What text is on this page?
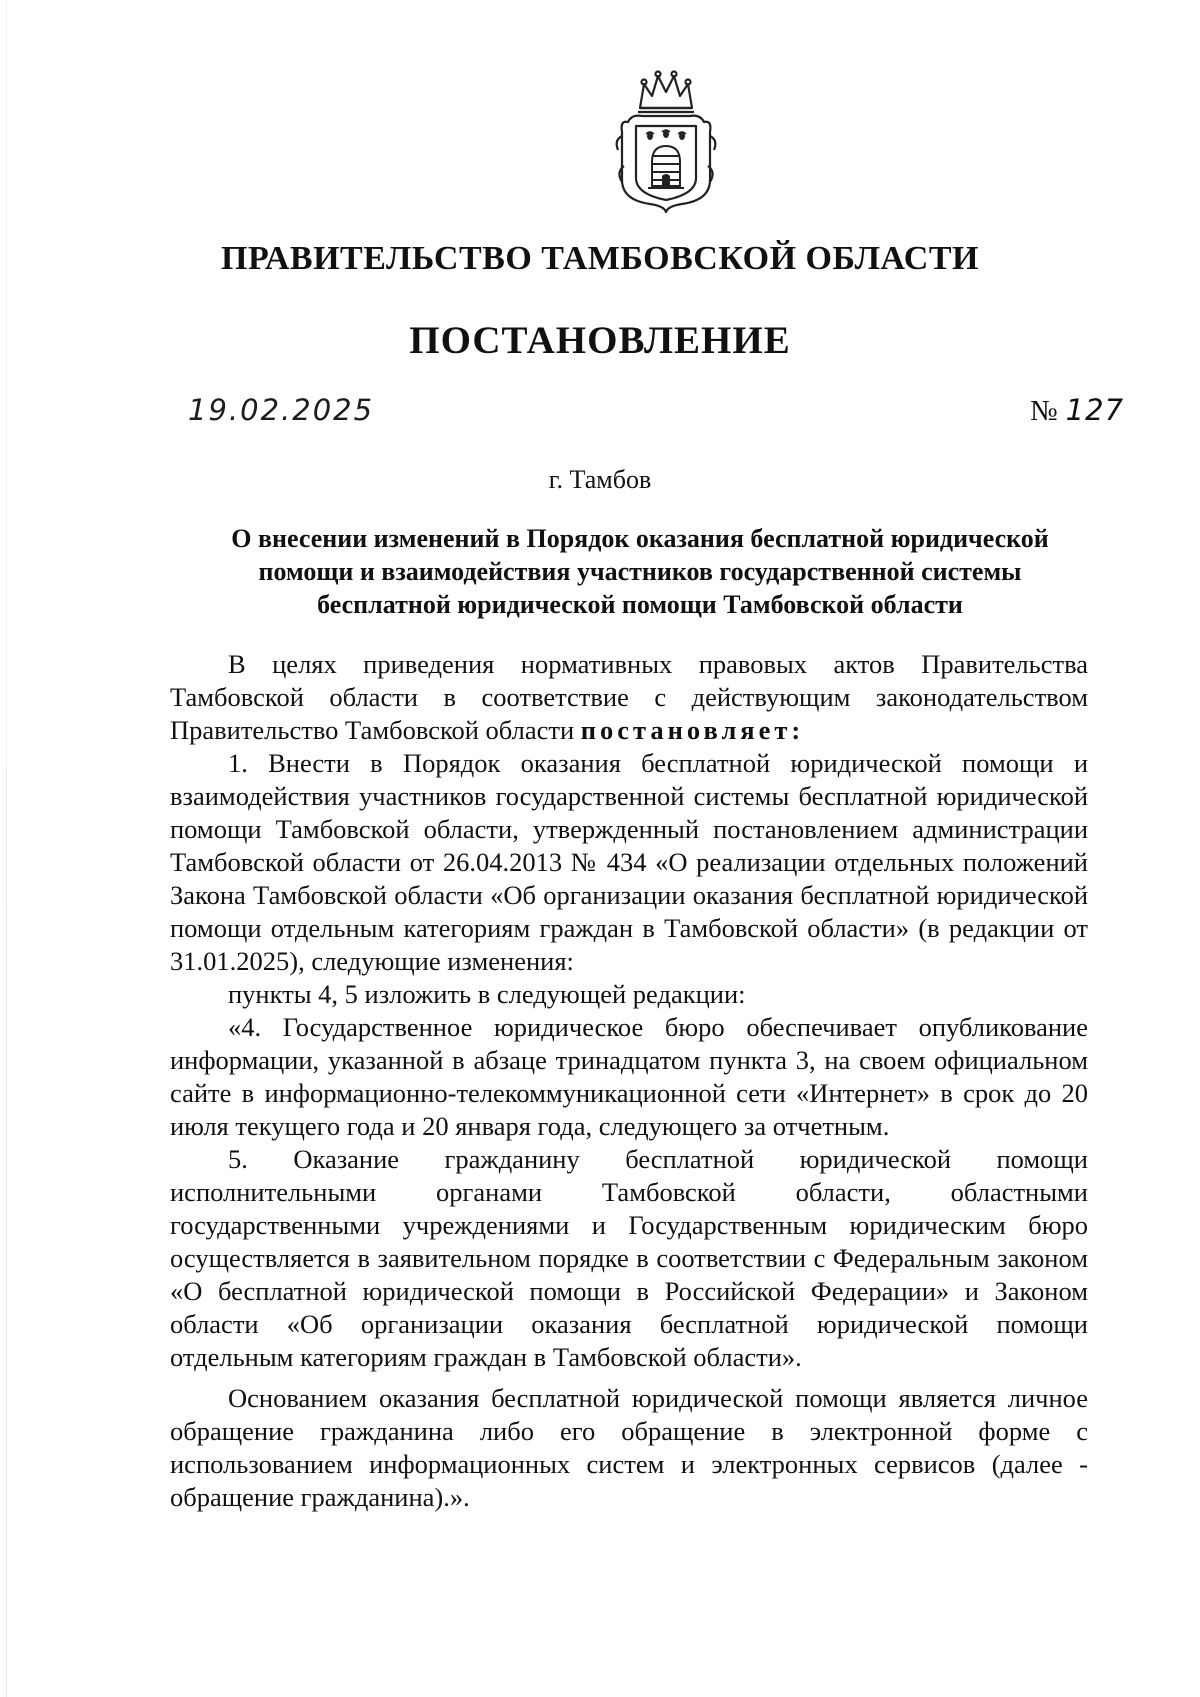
ПРАВИТЕЛЬСТВО ТАМБОВСКОЙ ОБЛАСТИ
ПОСТАНОВЛЕНИЕ
19.02.2025	№ 127
г. Тамбов
О внесении изменений в Порядок оказания бесплатной юридической
помощи и взаимодействия участников государственной системы
бесплатной юридической помощи Тамбовской области

В целях приведения нормативных правовых актов Правительства Тамбовской области в соответствие с действующим законодательством Правительство Тамбовской области постановляет:

1. Внести в Порядок оказания бесплатной юридической помощи и взаимодействия участников государственной системы бесплатной юридической помощи Тамбовской области, утвержденный постановлением администрации Тамбовской области от 26.04.2013 № 434 «О реализации отдельных положений Закона Тамбовской области «Об организации оказания бесплатной юридической помощи отдельным категориям граждан в Тамбовской области» (в редакции от 31.01.2025), следующие изменения:

пункты 4, 5 изложить в следующей редакции:

«4. Государственное юридическое бюро обеспечивает опубликование информации, указанной в абзаце тринадцатом пункта 3, на своем официальном сайте в информационно-телекоммуникационной сети «Интернет» в срок до 20 июля текущего года и 20 января года, следующего за отчетным.

5. Оказание гражданину бесплатной юридической помощи исполнительными органами Тамбовской области, областными государственными учреждениями и Государственным юридическим бюро осуществляется в заявительном порядке в соответствии с Федеральным законом «О бесплатной юридической помощи в Российской Федерации» и Законом области «Об организации оказания бесплатной юридической помощи отдельным категориям граждан в Тамбовской области».

Основанием оказания бесплатной юридической помощи является личное обращение гражданина либо его обращение в электронной форме с использованием информационных систем и электронных сервисов (далее - обращение гражданина).».
